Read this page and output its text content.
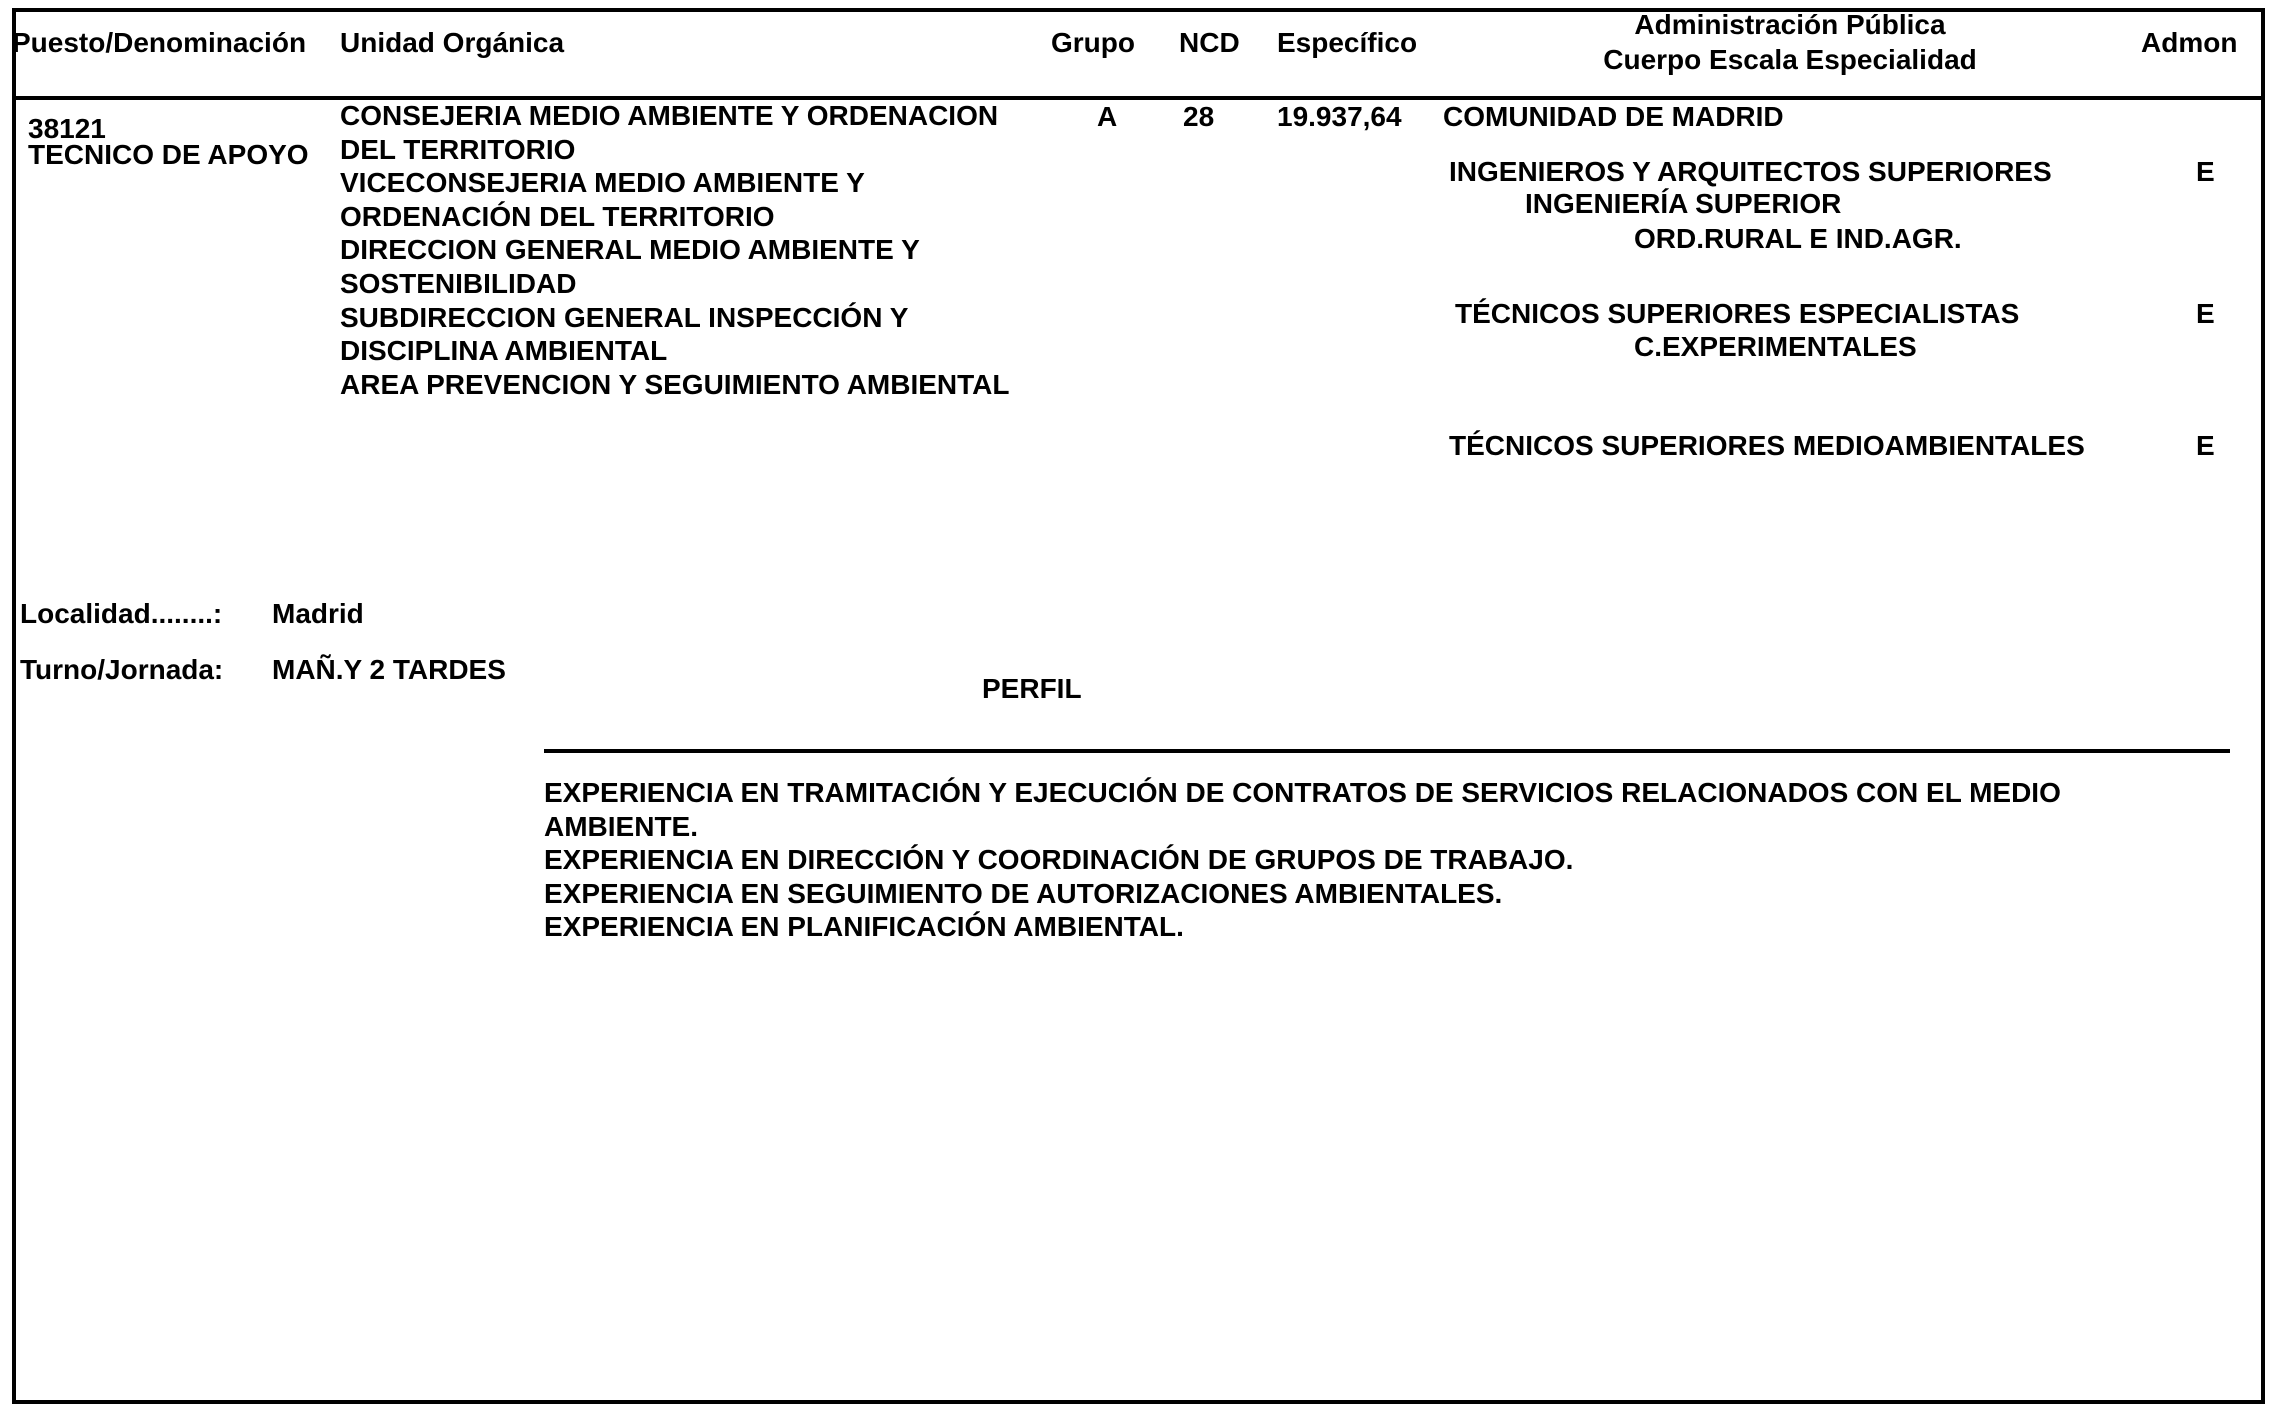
Puesto/Denominación Unidad Orgánica	Grupo NCD Específico
Administración Pública
Cuerpo Escala Especialidad
Admon
38121
TECNICO DE APOYO
CONSEJERIA MEDIO AMBIENTE Y ORDENACION
DEL TERRITORIO
VICECONSEJERIA MEDIO AMBIENTE Y
ORDENACIÓN DEL TERRITORIO
DIRECCION GENERAL MEDIO AMBIENTE Y
SOSTENIBILIDAD
SUBDIRECCION GENERAL INSPECCIÓN Y
DISCIPLINA AMBIENTAL
AREA PREVENCION Y SEGUIMIENTO AMBIENTAL
A 28 19.937,64 COMUNIDAD DE MADRID
INGENIEROS Y ARQUITECTOS SUPERIORES
INGENIERÍA SUPERIOR
ORD.RURAL E IND.AGR.
E
TÉCNICOS SUPERIORES ESPECIALISTAS
C.EXPERIMENTALES
E
TÉCNICOS SUPERIORES MEDIOAMBIENTALES	E
Localidad........: Madrid
Turno/Jornada: MAÑ.Y 2 TARDES
PERFIL
EXPERIENCIA EN TRAMITACIÓN Y EJECUCIÓN DE CONTRATOS DE SERVICIOS RELACIONADOS CON EL MEDIO
AMBIENTE.
EXPERIENCIA EN DIRECCIÓN Y COORDINACIÓN DE GRUPOS DE TRABAJO.
EXPERIENCIA EN SEGUIMIENTO DE AUTORIZACIONES AMBIENTALES.
EXPERIENCIA EN PLANIFICACIÓN AMBIENTAL.
